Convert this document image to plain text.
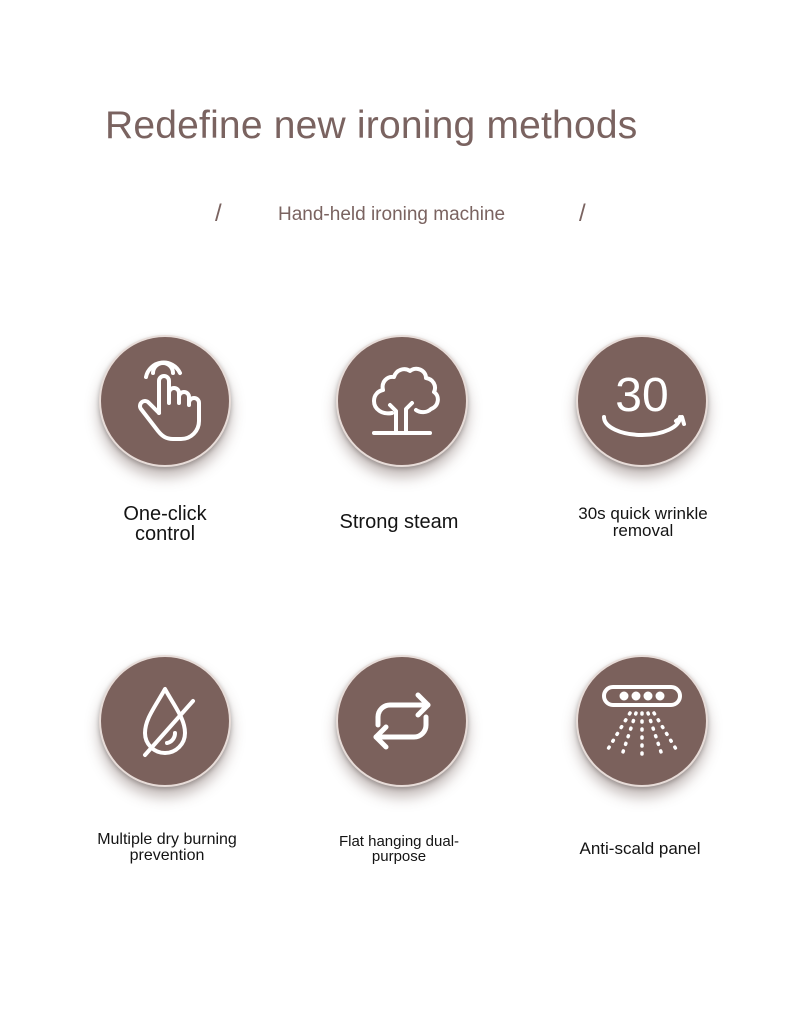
Redefine new ironing methods
/	Hand-held ironing machine	/
One-click
control
Strong steam
30
30s quick wrinkle
removal
Multiple dry burning
prevention
Flat hanging dual-
purpose	Anti-scald panel
